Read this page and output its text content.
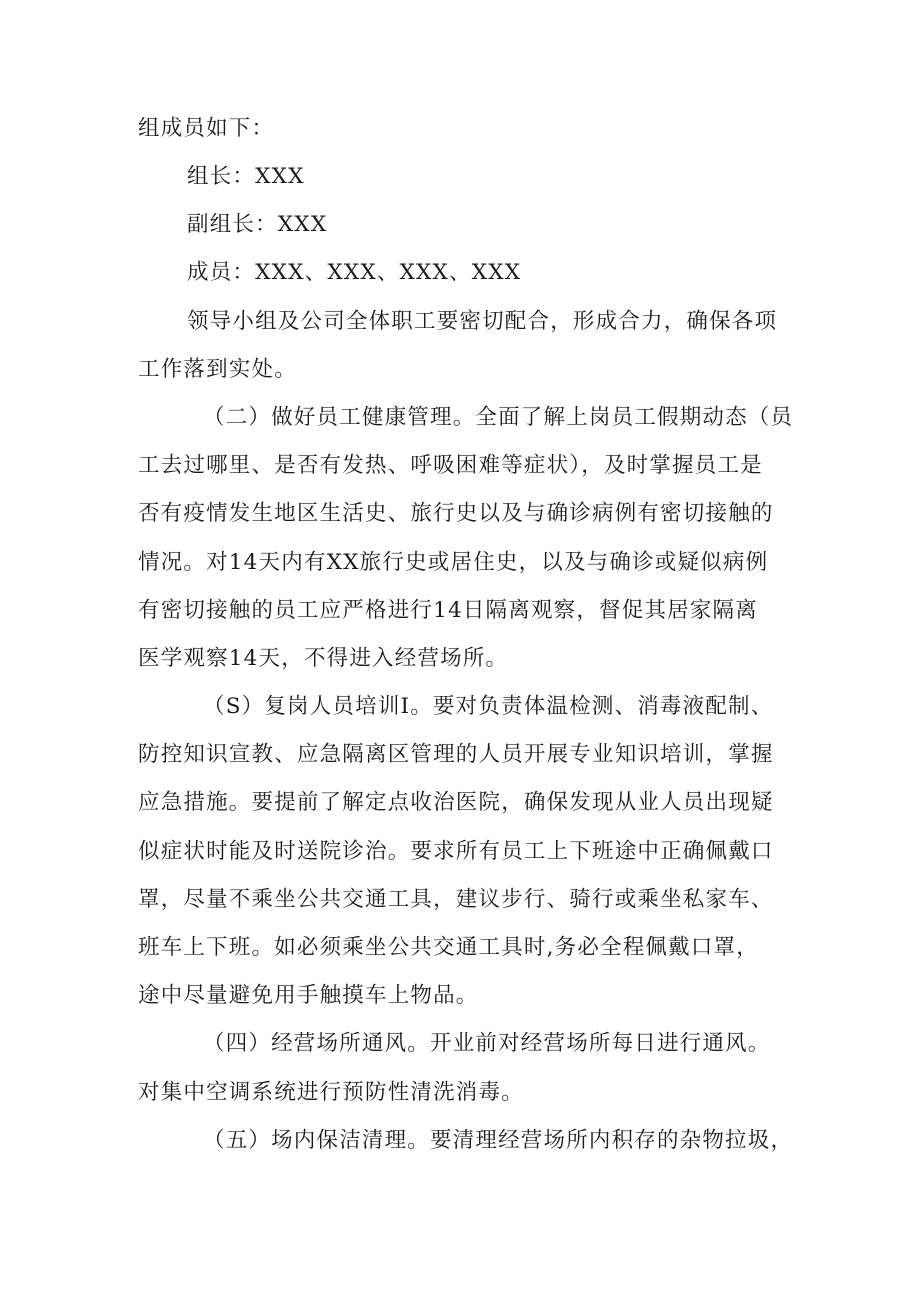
组成员如下：
组长：XXX
副组长：XXX
成员：XXX、XXX、XXX、XXX
领导小组及公司全体职工要密切配合，形成合力，确保各项
工作落到实处。
（二）做好员工健康管理。全面了解上岗员工假期动态（员
工去过哪里、是否有发热、呼吸困难等症状），及时掌握员工是
否有疫情发生地区生活史、旅行史以及与确诊病例有密切接触的
情况。对14天内有XX旅行史或居住史，以及与确诊或疑似病例
有密切接触的员工应严格进行14日隔离观察，督促其居家隔离
医学观察14天，不得进入经营场所。
（S）复岗人员培训I。要对负责体温检测、消毒液配制、
防控知识宣教、应急隔离区管理的人员开展专业知识培训，掌握
应急措施。要提前了解定点收治医院，确保发现从业人员出现疑
似症状时能及时送院诊治。要求所有员工上下班途中正确佩戴口
罩，尽量不乘坐公共交通工具，建议步行、骑行或乘坐私家车、
班车上下班。如必须乘坐公共交通工具时,务必全程佩戴口罩，
途中尽量避免用手触摸车上物品。
（四）经营场所通风。开业前对经营场所每日进行通风。
对集中空调系统进行预防性清洗消毒。
（五）场内保洁清理。要清理经营场所内积存的杂物拉圾，
